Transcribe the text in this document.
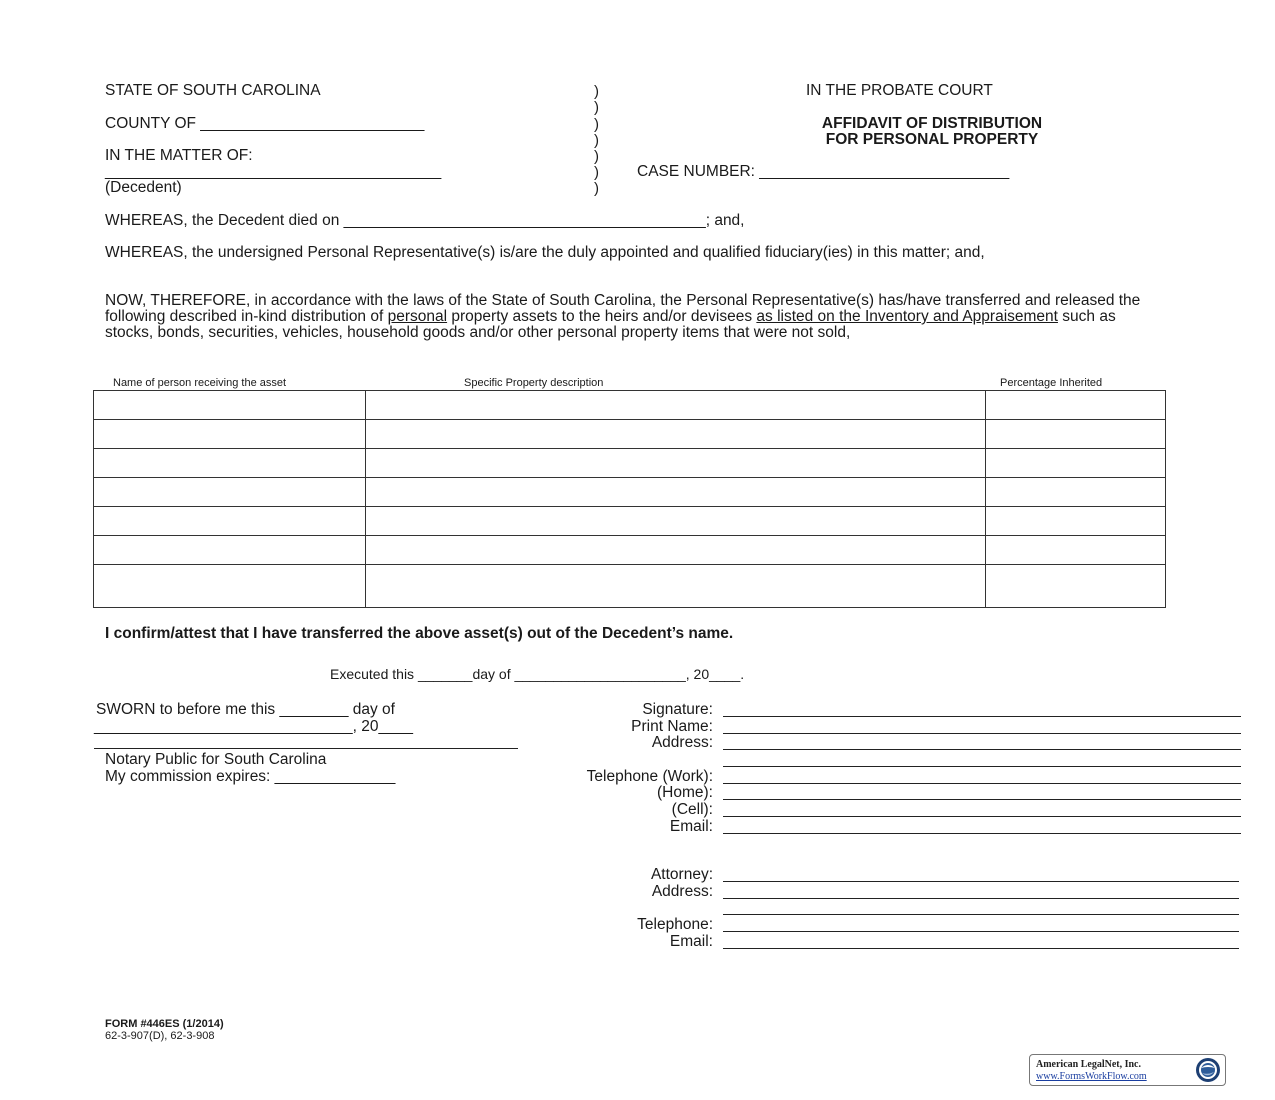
STATE OF SOUTH CAROLINA
COUNTY OF __________________________
IN THE MATTER OF:
_______________________________________
(Decedent)
)
)
)
)
)
)
)
IN THE PROBATE COURT
AFFIDAVIT OF DISTRIBUTION
FOR PERSONAL PROPERTY
CASE NUMBER: _____________________________
WHEREAS, the Decedent died on __________________________________________; and,
WHEREAS, the undersigned Personal Representative(s) is/are the duly appointed and qualified fiduciary(ies) in this matter; and,
NOW, THEREFORE, in accordance with the laws of the State of South Carolina, the Personal Representative(s) has/have transferred and released the following described in-kind distribution of personal property assets to the heirs and/or devisees as listed on the Inventory and Appraisement such as stocks, bonds, securities, vehicles, household goods and/or other personal property items that were not sold,
Name of person receiving the asset	Specific Property description	Percentage Inherited

I confirm/attest that I have transferred the above asset(s) out of the Decedent’s name.
Executed this _______day of ______________________, 20____.
SWORN to before me this ________ day of
______________________________, 20____
Notary Public for South Carolina
My commission expires: ______________
Signature:
Print Name:
Address:
Telephone (Work):
(Home):
(Cell):
Email:
Attorney:
Address:
Telephone:
Email:
FORM #446ES (1/2014)
62-3-907(D), 62-3-908
American LegalNet, Inc.
www.FormsWorkFlow.com
